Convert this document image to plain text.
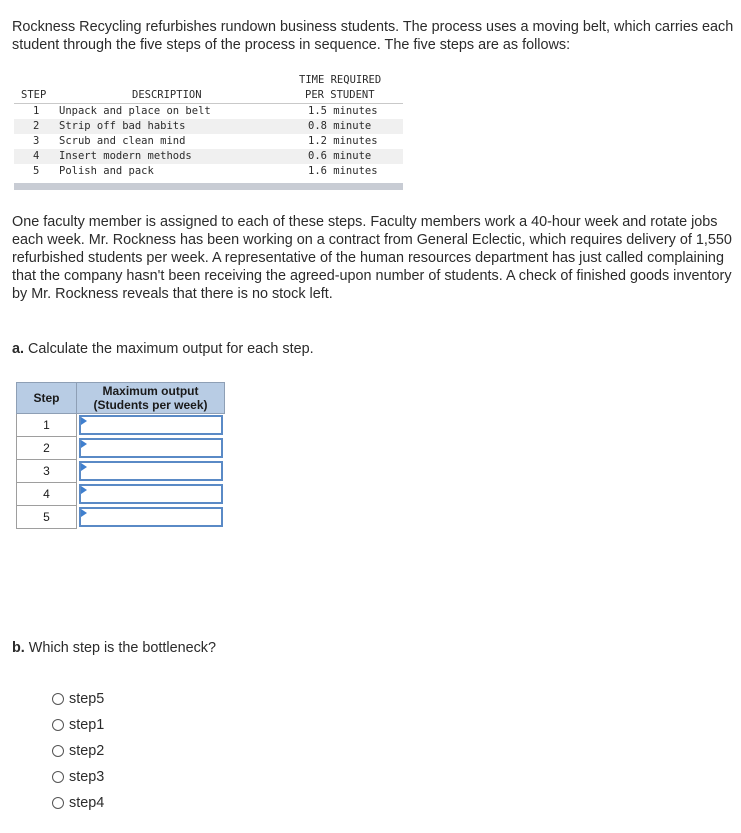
Rockness Recycling refurbishes rundown business students. The process uses a moving belt, which carries each student through the five steps of the process in sequence. The five steps are as follows:

STEP	DESCRIPTION
TIME REQUIRED
PER STUDENT
1 Unpack and place on belt	1.5 minutes
2 Strip off bad habits	0.8 minute
3 Scrub and clean mind	1.2 minutes
4 Insert modern methods	0.6 minute
5 Polish and pack	1.6 minutes

One faculty member is assigned to each of these steps. Faculty members work a 40-hour week and rotate jobs each week. Mr. Rockness has been working on a contract from General Eclectic, which requires delivery of 1,550 refurbished students per week. A representative of the human resources department has just called complaining that the company hasn't been receiving the agreed-upon number of students. A check of finished goods inventory by Mr. Rockness reveals that there is no stock left.

a. Calculate the maximum output for each step.
Step	Maximum output (Students per week)
1
2
3
4
5
b. Which step is the bottleneck?
step5
step1
step2
step3
step4
